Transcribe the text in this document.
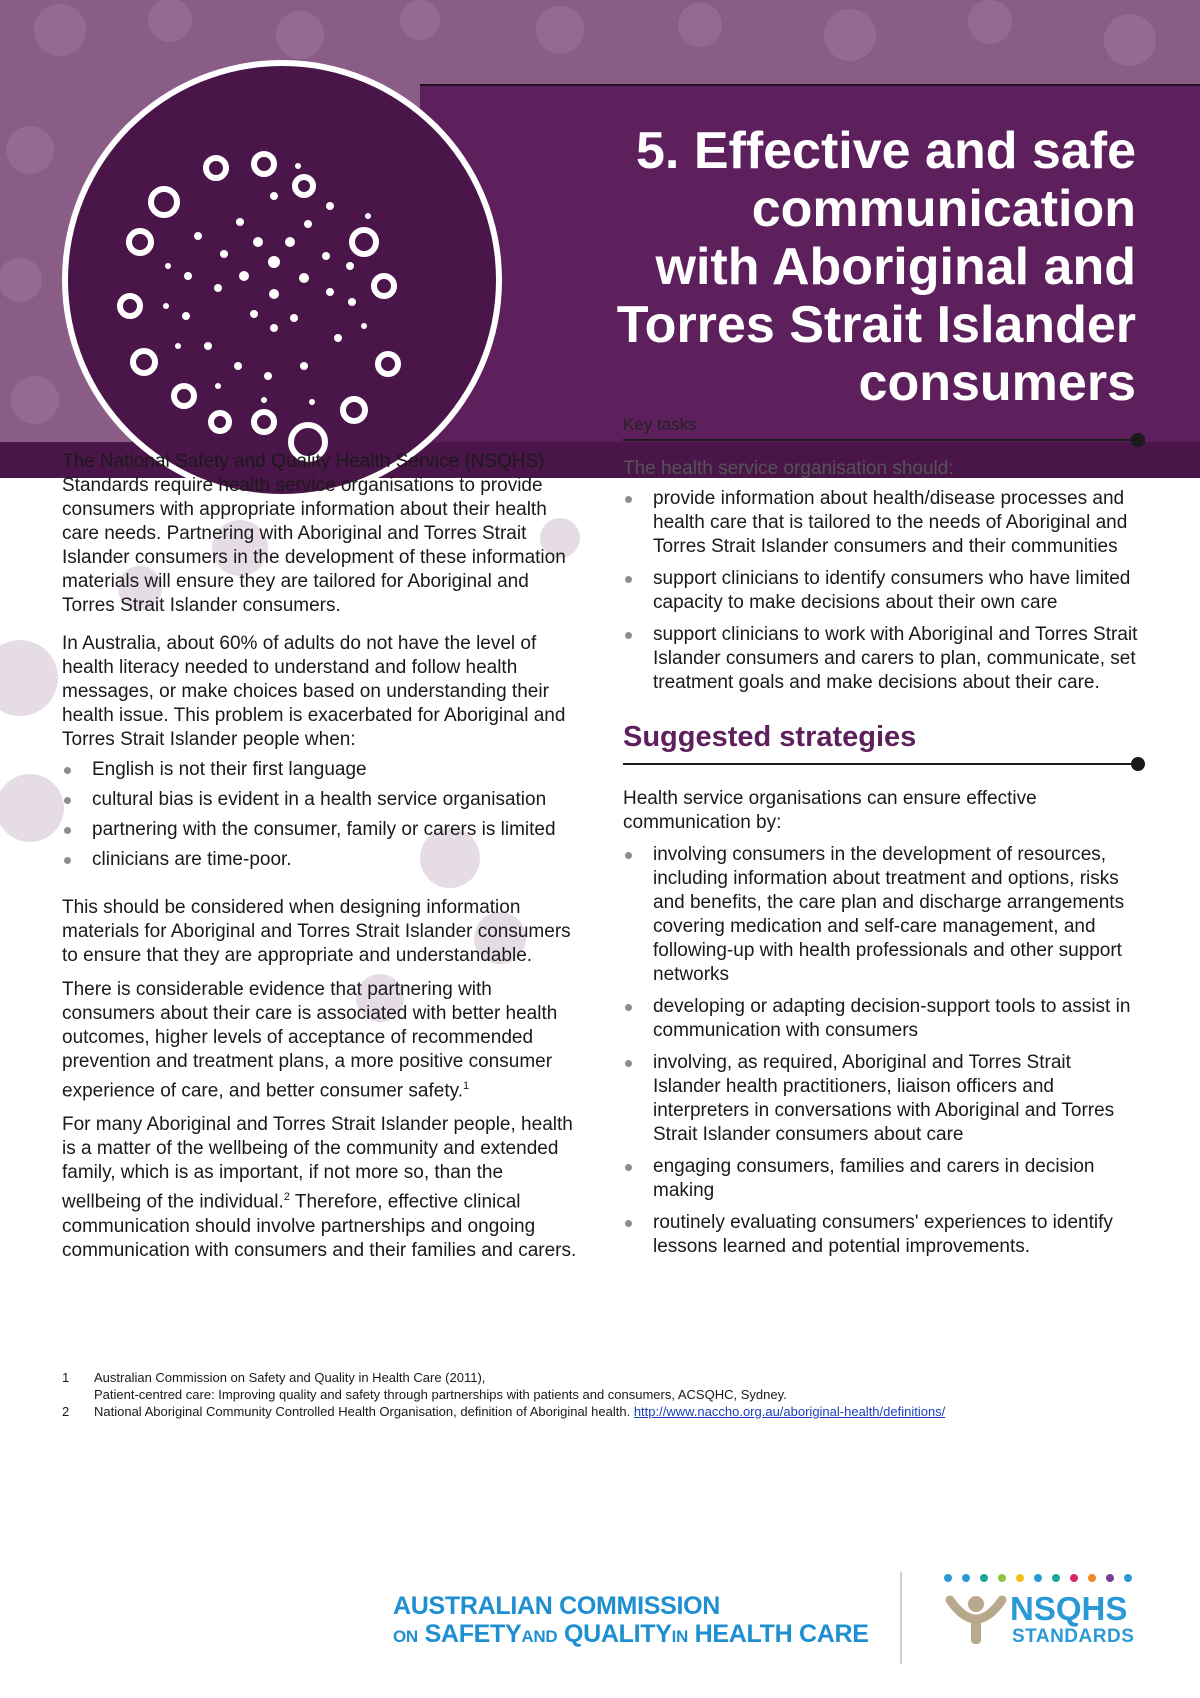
5. Effective and safe
communication
with Aboriginal and
Torres Strait Islander
consumers

The National Safety and Quality Health Service (NSQHS) Standards require health service organisations to provide consumers with appropriate information about their health care needs. Partnering with Aboriginal and Torres Strait Islander consumers in the development of these information materials will ensure they are tailored for Aboriginal and Torres Strait Islander consumers.

In Australia, about 60% of adults do not have the level of health literacy needed to understand and follow health messages, or make choices based on understanding their health issue. This problem is exacerbated for Aboriginal and Torres Strait Islander people when:

English is not their first language
cultural bias is evident in a health service organisation
partnering with the consumer, family or carers is limited
clinicians are time-poor.

This should be considered when designing information materials for Aboriginal and Torres Strait Islander consumers to ensure that they are appropriate and understandable.

There is considerable evidence that partnering with consumers about their care is associated with better health outcomes, higher levels of acceptance of recommended prevention and treatment plans, a more positive consumer experience of care, and better consumer safety.$^1$

For many Aboriginal and Torres Strait Islander people, health is a matter of the wellbeing of the community and extended family, which is as important, if not more so, than the wellbeing of the individual.$^2$ Therefore, effective clinical communication should involve partnerships and ongoing communication with consumers and their families and carers.

Key tasks
The health service organisation should:
provide information about health/disease processes and health care that is tailored to the needs of Aboriginal and Torres Strait Islander consumers and their communities
support clinicians to identify consumers who have limited capacity to make decisions about their own care
support clinicians to work with Aboriginal and Torres Strait Islander consumers and carers to plan, communicate, set treatment goals and make decisions about their care.
Suggested strategies

Health service organisations can ensure effective communication by:

involving consumers in the development of resources, including information about treatment and options, risks and benefits, the care plan and discharge arrangements covering medication and self-care management, and following-up with health professionals and other support networks
developing or adapting decision-support tools to assist in communication with consumers
involving, as required, Aboriginal and Torres Strait Islander health practitioners, liaison officers and interpreters in conversations with Aboriginal and Torres Strait Islander consumers about care
engaging consumers, families and carers in decision making
routinely evaluating consumers' experiences to identify lessons learned and potential improvements.
1	Australian Commission on Safety and Quality in Health Care (2011),
Patient-centred care: Improving quality and safety through partnerships with patients and consumers, ACSQHC, Sydney.
2	National Aboriginal Community Controlled Health Organisation, definition of Aboriginal health. http://www.naccho.org.au/aboriginal-health/definitions/
AUSTRALIAN COMMISSION
ON SAFETYAND QUALITYIN HEALTH CARE
NSQHS
STANDARDS
